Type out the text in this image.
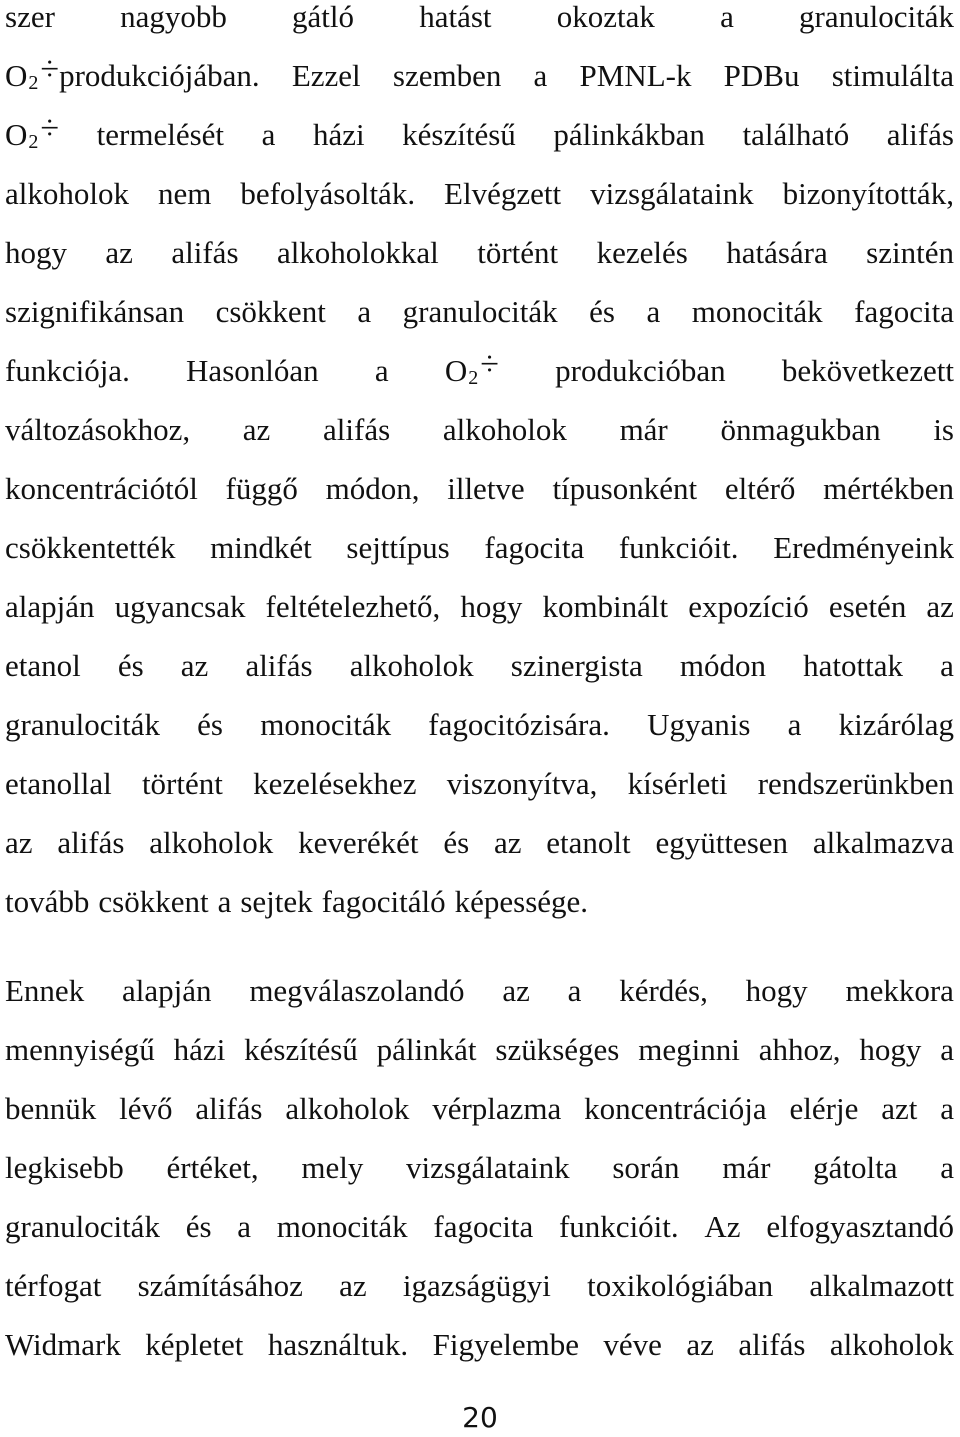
szer nagyobb gátló hatást okoztak a granulociták
O 2 ÷ produkciójában. Ezzel szemben a PMNL-k PDBu stimulálta
O 2 ÷ termelését a házi készítésű pálinkákban található alifás
alkoholok nem befolyásolták. Elvégzett vizsgálataink bizonyították,
hogy az alifás alkoholokkal történt kezelés hatására szintén
szignifikánsan csökkent a granulociták és a monociták fagocita
funkciója. Hasonlóan a O 2 ÷ produkcióban bekövetkezett
változásokhoz, az alifás alkoholok már önmagukban is
koncentrációtól függő módon, illetve típusonként eltérő mértékben
csökkentették mindkét sejttípus fagocita funkcióit. Eredményeink
alapján ugyancsak feltételezhető, hogy kombinált expozíció esetén az
etanol és az alifás alkoholok szinergista módon hatottak a
granulociták és monociták fagocitózisára. Ugyanis a kizárólag
etanollal történt kezelésekhez viszonyítva, kísérleti rendszerünkben
az alifás alkoholok keverékét és az etanolt együttesen alkalmazva
tovább csökkent a sejtek fagocitáló képessége.
Ennek alapján megválaszolandó az a kérdés, hogy mekkora
mennyiségű házi készítésű pálinkát szükséges meginni ahhoz, hogy a
bennük lévő alifás alkoholok vérplazma koncentrációja elérje azt a
legkisebb értéket, mely vizsgálataink során már gátolta a
granulociták és a monociták fagocita funkcióit. Az elfogyasztandó
térfogat számításához az igazságügyi toxikológiában alkalmazott
Widmark képletet használtuk. Figyelembe véve az alifás alkoholok
20
